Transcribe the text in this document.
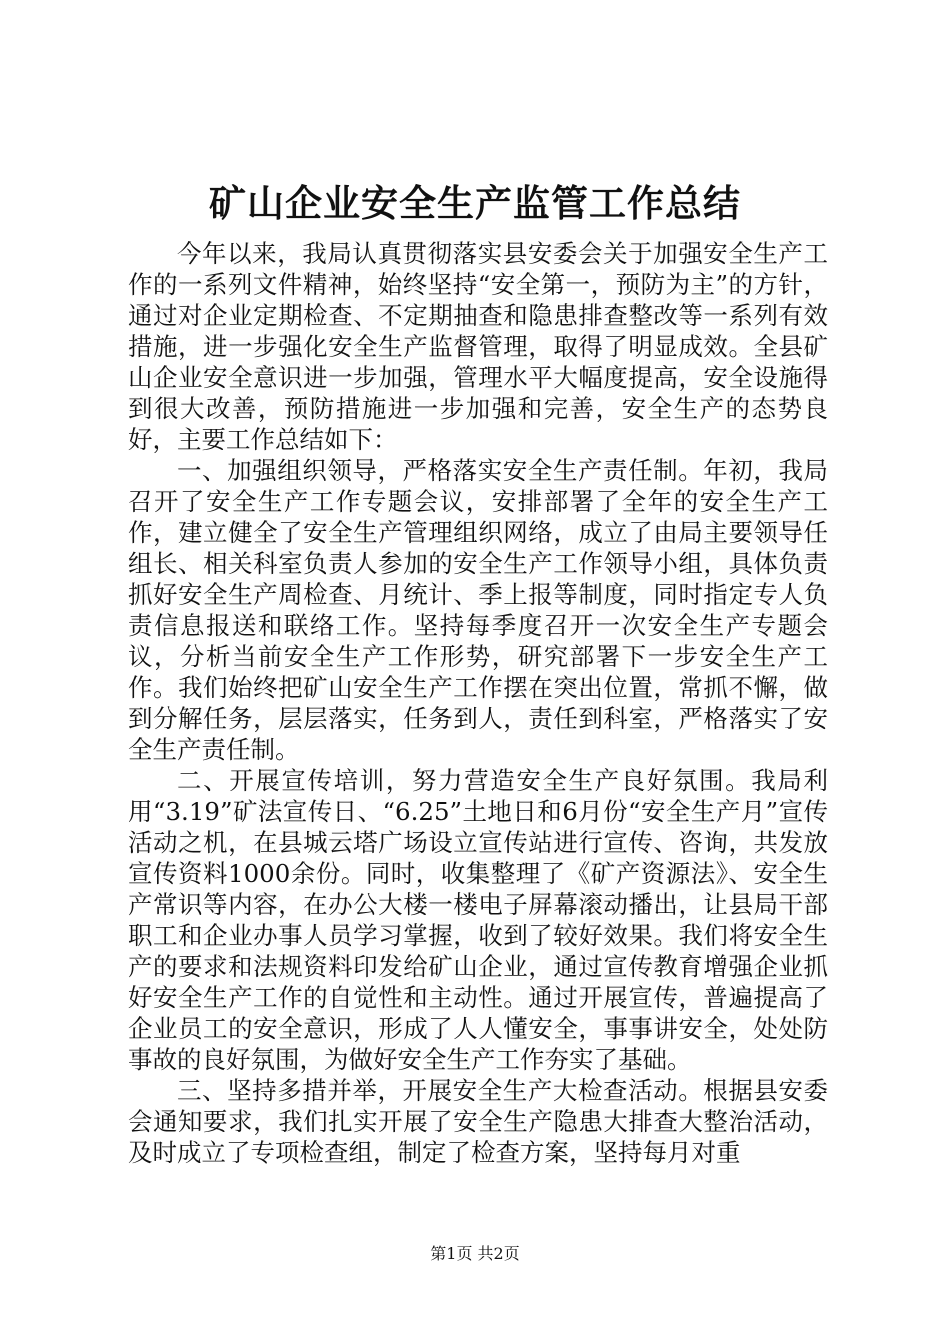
矿山企业安全生产监管工作总结

今年以来，我局认真贯彻落实县安委会关于加强安全生产工作的一系列文件精神，始终坚持“安全第一，预防为主”的方针，通过对企业定期检查、不定期抽查和隐患排查整改等一系列有效措施，进一步强化安全生产监督管理，取得了明显成效。全县矿山企业安全意识进一步加强，管理水平大幅度提高，安全设施得到很大改善，预防措施进一步加强和完善，安全生产的态势良好，主要工作总结如下：

一、加强组织领导，严格落实安全生产责任制。年初，我局召开了安全生产工作专题会议，安排部署了全年的安全生产工作，建立健全了安全生产管理组织网络，成立了由局主要领导任组长、相关科室负责人参加的安全生产工作领导小组，具体负责抓好安全生产周检查、月统计、季上报等制度，同时指定专人负责信息报送和联络工作。坚持每季度召开一次安全生产专题会议，分析当前安全生产工作形势，研究部署下一步安全生产工作。我们始终把矿山安全生产工作摆在突出位置，常抓不懈，做到分解任务，层层落实，任务到人，责任到科室，严格落实了安全生产责任制。

二、开展宣传培训，努力营造安全生产良好氛围。我局利用“3.19”矿法宣传日、“6.25”土地日和6月份“安全生产月”宣传活动之机，在县城云塔广场设立宣传站进行宣传、咨询，共发放宣传资料1000余份。同时，收集整理了《矿产资源法》、安全生产常识等内容，在办公大楼一楼电子屏幕滚动播出，让县局干部职工和企业办事人员学习掌握，收到了较好效果。我们将安全生产的要求和法规资料印发给矿山企业，通过宣传教育增强企业抓好安全生产工作的自觉性和主动性。通过开展宣传，普遍提高了企业员工的安全意识，形成了人人懂安全，事事讲安全，处处防事故的良好氛围，为做好安全生产工作夯实了基础。

三、坚持多措并举，开展安全生产大检查活动。根据县安委会通知要求，我们扎实开展了安全生产隐患大排查大整治活动，及时成立了专项检查组，制定了检查方案，坚持每月对重

第1页 共2页
